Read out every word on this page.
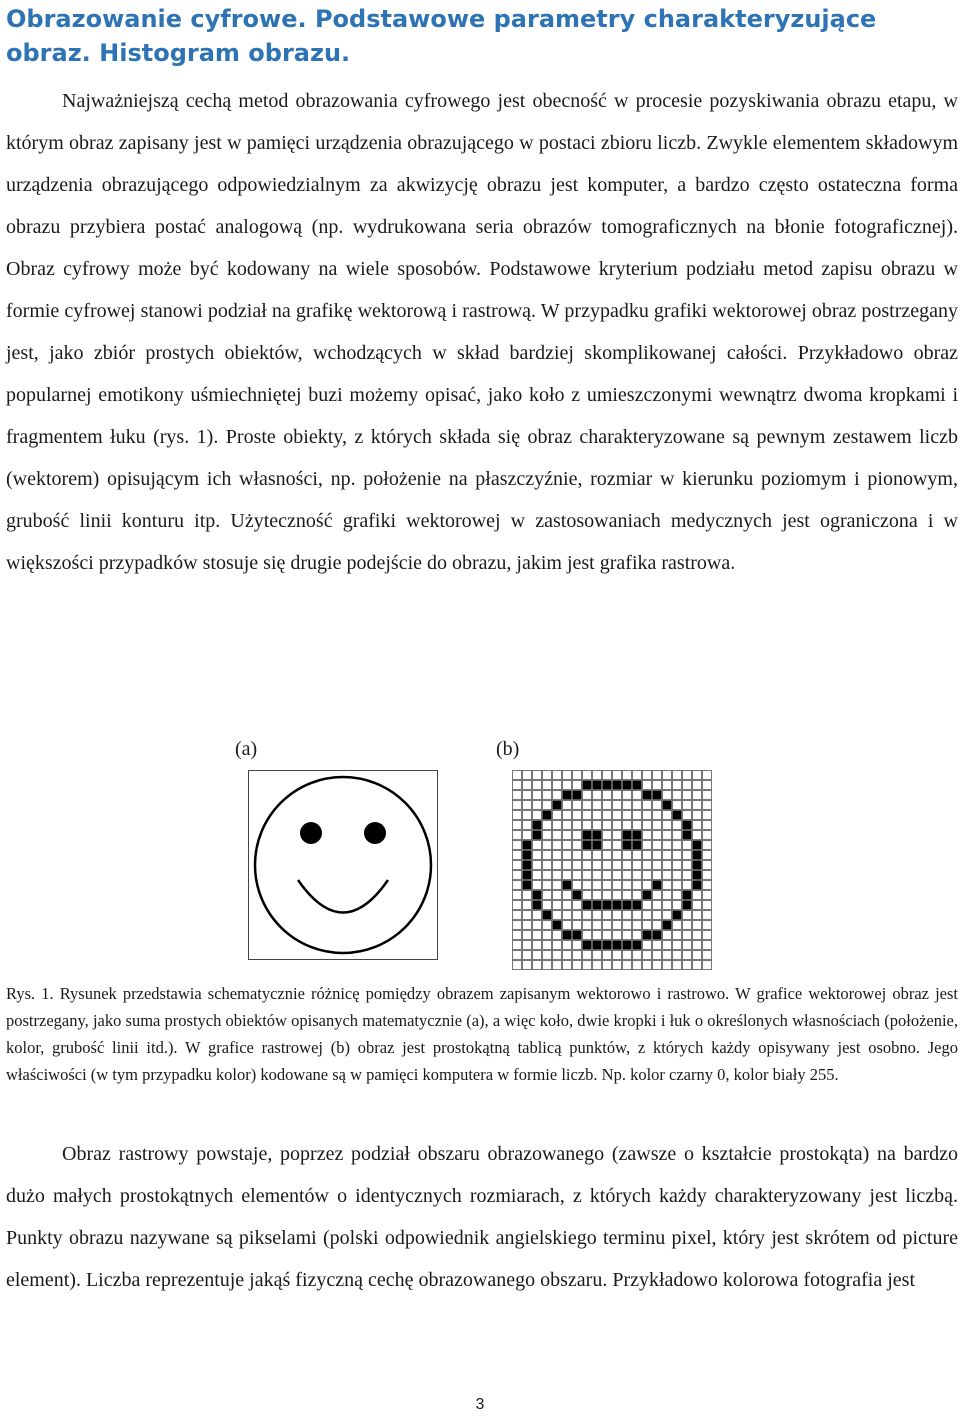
Obrazowanie cyfrowe. Podstawowe parametry charakteryzujące obraz. Histogram obrazu.

Najważniejszą cechą metod obrazowania cyfrowego jest obecność w procesie pozyskiwania obrazu etapu, w którym obraz zapisany jest w pamięci urządzenia obrazującego w postaci zbioru liczb. Zwykle elementem składowym urządzenia obrazującego odpowiedzialnym za akwizycję obrazu jest komputer, a bardzo często ostateczna forma obrazu przybiera postać analogową (np. wydrukowana seria obrazów tomograficznych na błonie fotograficznej). Obraz cyfrowy może być kodowany na wiele sposobów. Podstawowe kryterium podziału metod zapisu obrazu w formie cyfrowej stanowi podział na grafikę wektorową i rastrową. W przypadku grafiki wektorowej obraz postrzegany jest, jako zbiór prostych obiektów, wchodzących w skład bardziej skomplikowanej całości. Przykładowo obraz popularnej emotikony uśmiechniętej buzi możemy opisać, jako koło z umieszczonymi wewnątrz dwoma kropkami i fragmentem łuku (rys. 1). Proste obiekty, z których składa się obraz charakteryzowane są pewnym zestawem liczb (wektorem) opisującym ich własności, np. położenie na płaszczyźnie, rozmiar w kierunku poziomym i pionowym, grubość linii konturu itp. Użyteczność grafiki wektorowej w zastosowaniach medycznych jest ograniczona i w większości przypadków stosuje się drugie podejście do obrazu, jakim jest grafika rastrowa.

(a)	(b)

Rys. 1. Rysunek przedstawia schematycznie różnicę pomiędzy obrazem zapisanym wektorowo i rastrowo. W grafice wektorowej obraz jest postrzegany, jako suma prostych obiektów opisanych matematycznie (a), a więc koło, dwie kropki i łuk o określonych własnościach (położenie, kolor, grubość linii itd.). W grafice rastrowej (b) obraz jest prostokątną tablicą punktów, z których każdy opisywany jest osobno. Jego właściwości (w tym przypadku kolor) kodowane są w pamięci komputera w formie liczb. Np. kolor czarny 0, kolor biały 255.

Obraz rastrowy powstaje, poprzez podział obszaru obrazowanego (zawsze o kształcie prostokąta) na bardzo dużo małych prostokątnych elementów o identycznych rozmiarach, z których każdy charakteryzowany jest liczbą. Punkty obrazu nazywane są pikselami (polski odpowiednik angielskiego terminu pixel, który jest skrótem od picture element). Liczba reprezentuje jakąś fizyczną cechę obrazowanego obszaru. Przykładowo kolorowa fotografia jest

3
